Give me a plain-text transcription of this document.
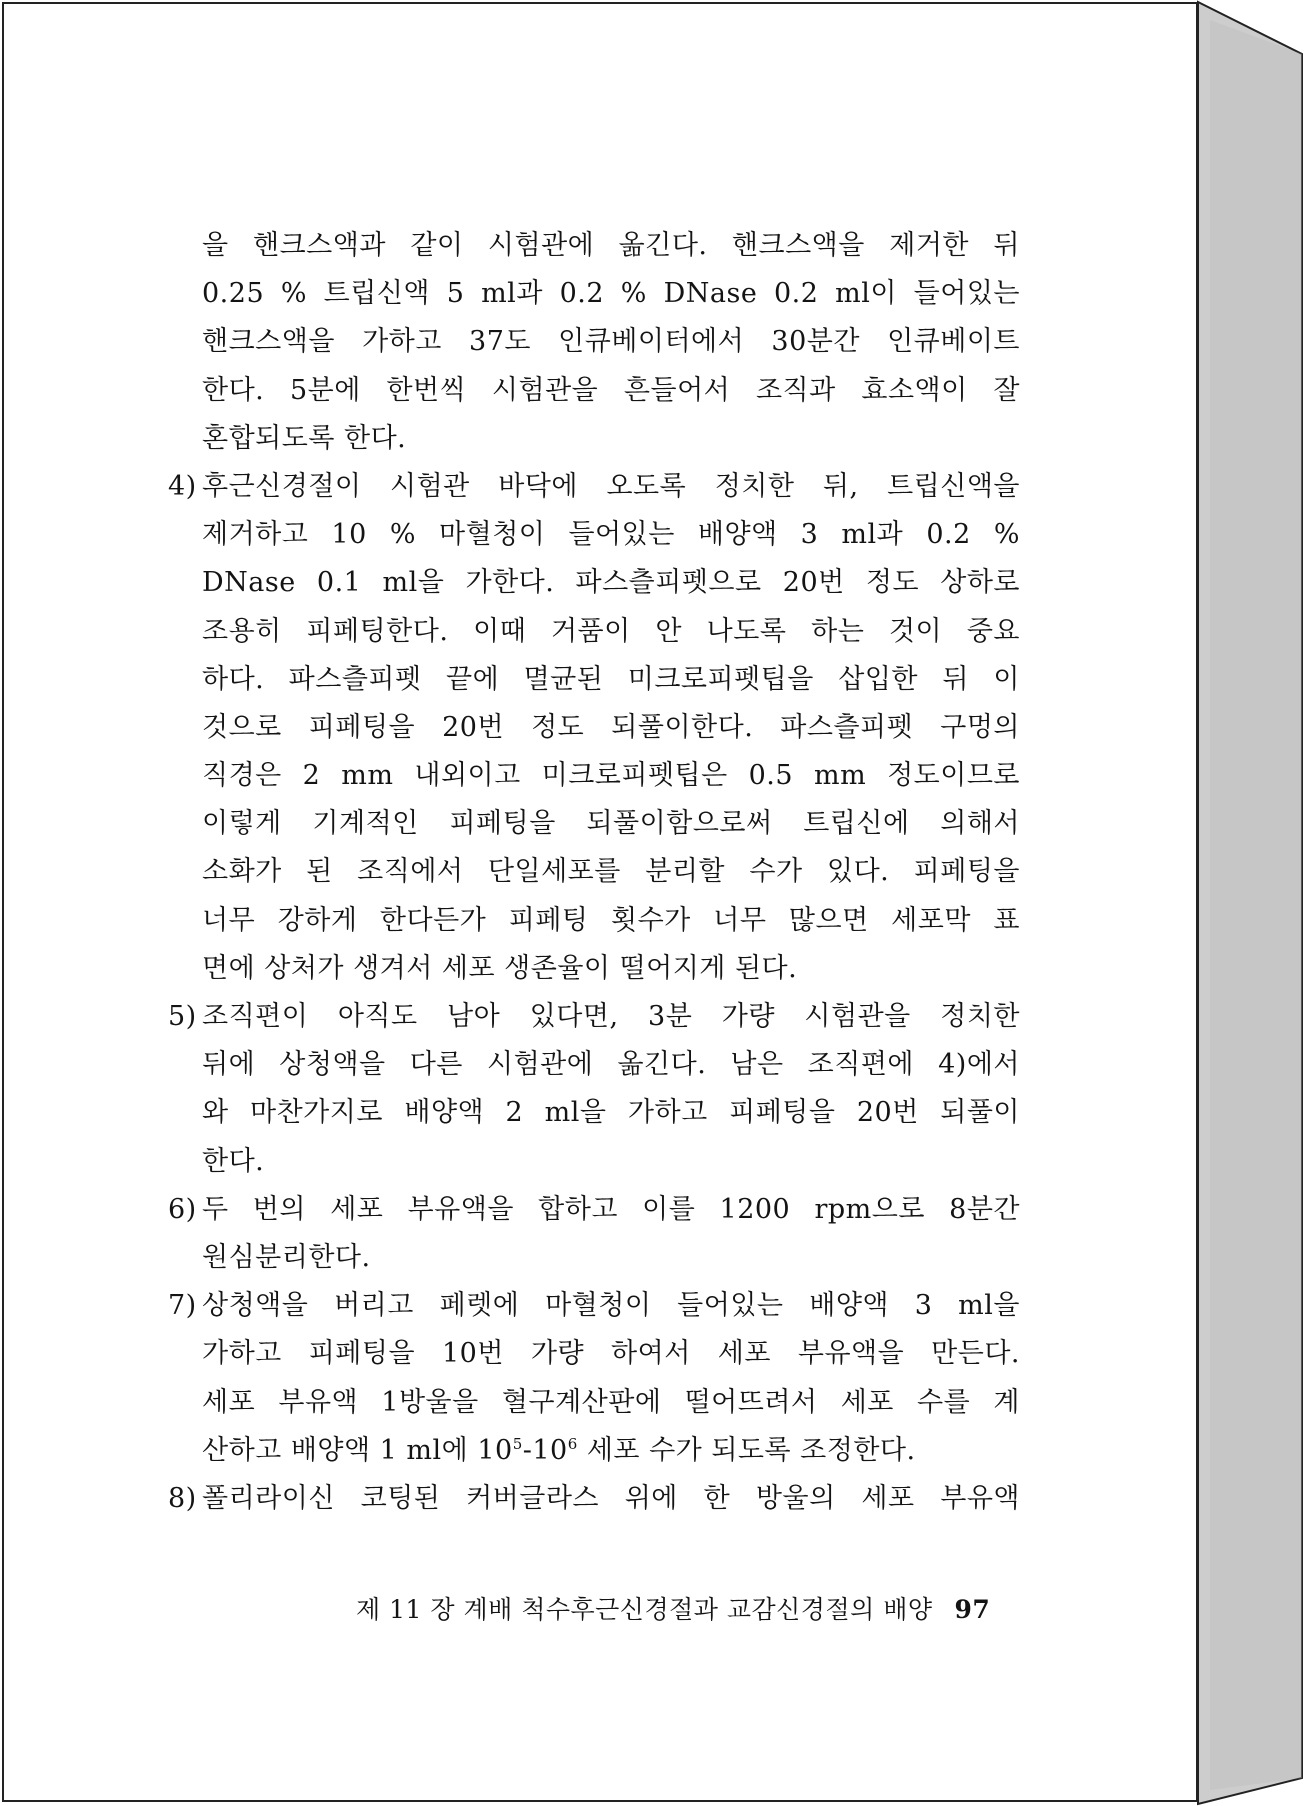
을 핸크스액과 같이 시험관에 옮긴다. 핸크스액을 제거한 뒤
0.25 % 트립신액 5 ml과 0.2 % DNase 0.2 ml이 들어있는
핸크스액을 가하고 37도 인큐베이터에서 30분간 인큐베이트
한다. 5분에 한번씩 시험관을 흔들어서 조직과 효소액이 잘
혼합되도록 한다.
4) 후근신경절이 시험관 바닥에 오도록 정치한 뒤, 트립신액을
제거하고 10 % 마혈청이 들어있는 배양액 3 ml과 0.2 %
DNase 0.1 ml을 가한다. 파스츨피펫으로 20번 정도 상하로
조용히 피페팅한다. 이때 거품이 안 나도록 하는 것이 중요
하다. 파스츨피펫 끝에 멸균된 미크로피펫팁을 삽입한 뒤 이
것으로 피페팅을 20번 정도 되풀이한다. 파스츨피펫 구멍의
직경은 2 mm 내외이고 미크로피펫팁은 0.5 mm 정도이므로
이렇게 기계적인 피페팅을 되풀이함으로써 트립신에 의해서
소화가 된 조직에서 단일세포를 분리할 수가 있다. 피페팅을
너무 강하게 한다든가 피페팅 횟수가 너무 많으면 세포막 표
면에 상처가 생겨서 세포 생존율이 떨어지게 된다.
5) 조직편이 아직도 남아 있다면, 3분 가량 시험관을 정치한
뒤에 상청액을 다른 시험관에 옮긴다. 남은 조직편에 4)에서
와 마찬가지로 배양액 2 ml을 가하고 피페팅을 20번 되풀이
한다.
6) 두 번의 세포 부유액을 합하고 이를 1200 rpm으로 8분간
원심분리한다.
7) 상청액을 버리고 페렛에 마혈청이 들어있는 배양액 3 ml을
가하고 피페팅을 10번 가량 하여서 세포 부유액을 만든다.
세포 부유액 1방울을 혈구계산판에 떨어뜨려서 세포 수를 계
산하고 배양액 1 ml에 $10^5-10^6$ 세포 수가 되도록 조정한다.
8) 폴리라이신 코팅된 커버글라스 위에 한 방울의 세포 부유액
제 11 장 계배 척수후근신경절과 교감신경절의 배양 97
